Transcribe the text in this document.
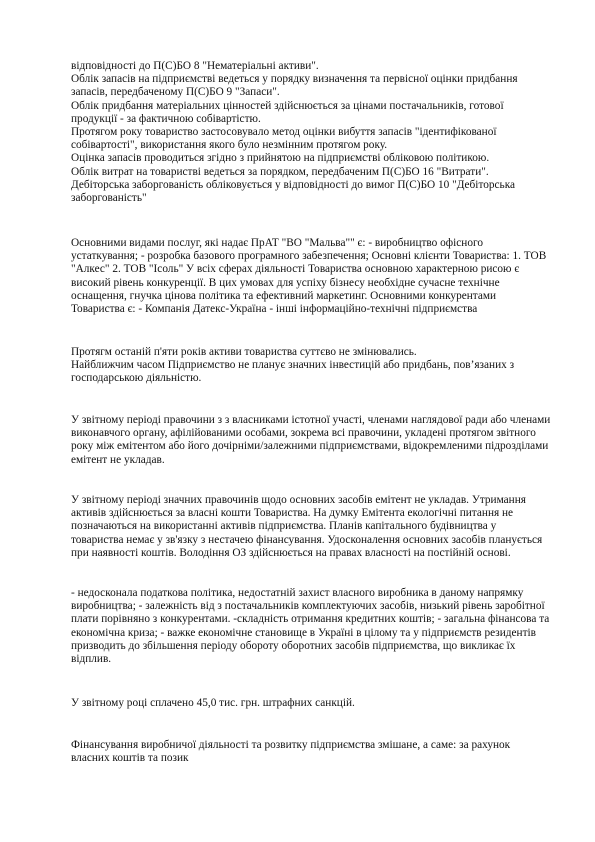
відповідності до П(С)БО 8 "Нематеріальні активи".

Облік запасів на підприємстві ведеться у порядку визначення та первісної оцінки придбання запасів, передбаченому П(С)БО 9 "Запаси".

Облік придбання матеріальних цінностей здійснюється за цінами постачальників, готової продукції - за фактичною собівартістю.

Протягом року товариство застосовувало метод оцінки вибуття запасів "ідентифікованої собівартості", використання якого було незмінним протягом року.

Оцінка запасів проводиться згідно з прийнятою на підприємстві обліковою політикою.

Облік витрат на товаристві ведеться за порядком, передбаченим П(С)БО 16 "Витрати".

Дебіторська заборгованість обліковується у відповідності до вимог П(С)БО 10 "Дебіторська заборгованість"

Основними видами послуг, які надає ПрАТ "ВО "Мальва"" є: - виробництво офісного устаткування; - розробка базового програмного забезпечення; Основні клієнти Товариства: 1. ТОВ "Алкес" 2. ТОВ "Ісоль" У всіх сферах діяльності Товариства основною характерною рисою є високий рівень конкуренції. В цих умовах для успіху бізнесу необхідне сучасне технічне оснащення, гнучка цінова політика та ефективний маркетинг. Основними конкурентами Товариства є: - Компанія Датекс-Україна - інші інформаційно-технічні підприємства

Протягм останій п'яти років активи товариства суттєво не змінювались.

Найближчим часом Підприємство не планує значних інвестицій або придбань, пов’язаних з господарською діяльністю.

У звітному періоді правочини з з власниками істотної участі, членами наглядової ради або членами виконавчого органу, афілійованими особами, зокрема всі правочини, укладені протягом звітного року між емітентом або його дочірніми/залежними підприємствами, відокремленими підрозділами емітент не укладав.

У звітному періоді значних правочинів щодо основних засобів емітент не укладав. Утримання активів здійснюється за власні кошти Товариства. На думку Емітента екологічні питання не позначаються на використанні активів підприємства. Планів капітального будівництва у товариства немає у зв'язку з нестачею фінансування. Удосконалення основних засобів планується при наявності коштів. Володіння ОЗ здійснюється на правах власності на постійній основі.

- недосконала податкова політика, недостатній захист власного виробника в даному напрямку виробництва; - залежність від з постачальників комплектуючих засобів, низький рівень заробітної плати порівняно з конкурентами. -складність отримання кредитних коштів; - загальна фінансова та економічна криза; - важке економічне становище в Україні в цілому та у підприємств резидентів призводить до збільшення періоду обороту оборотних засобів підприємства, що викликає їх відплив.

У звітному році сплачено 45,0 тис. грн. штрафних санкцій.

Фінансування виробничої діяльності та розвитку підприємства змішане, а саме: за рахунок власних коштів та позик
